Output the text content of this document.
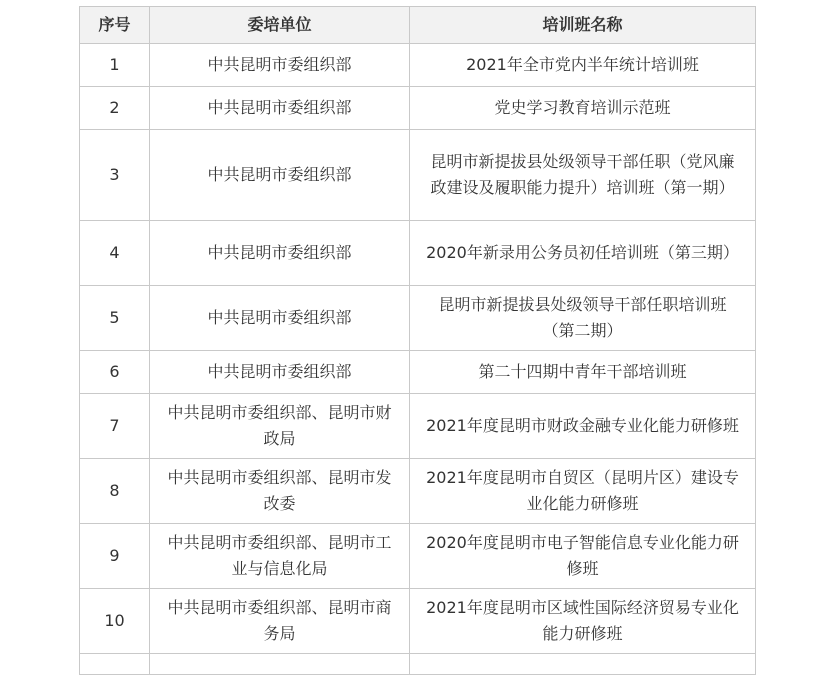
序号	委培单位	培训班名称
1	中共昆明市委组织部	2021年全市党内半年统计培训班
2	中共昆明市委组织部	党史学习教育培训示范班
3	中共昆明市委组织部	昆明市新提拔县处级领导干部任职（党风廉政建设及履职能力提升）培训班（第一期）
4	中共昆明市委组织部	2020年新录用公务员初任培训班（第三期）
5	中共昆明市委组织部	昆明市新提拔县处级领导干部任职培训班（第二期）
6	中共昆明市委组织部	第二十四期中青年干部培训班
7	中共昆明市委组织部、昆明市财政局	2021年度昆明市财政金融专业化能力研修班
8	中共昆明市委组织部、昆明市发改委	2021年度昆明市自贸区（昆明片区）建设专业化能力研修班
9	中共昆明市委组织部、昆明市工业与信息化局	2020年度昆明市电子智能信息专业化能力研修班
10	中共昆明市委组织部、昆明市商务局	2021年度昆明市区域性国际经济贸易专业化能力研修班
